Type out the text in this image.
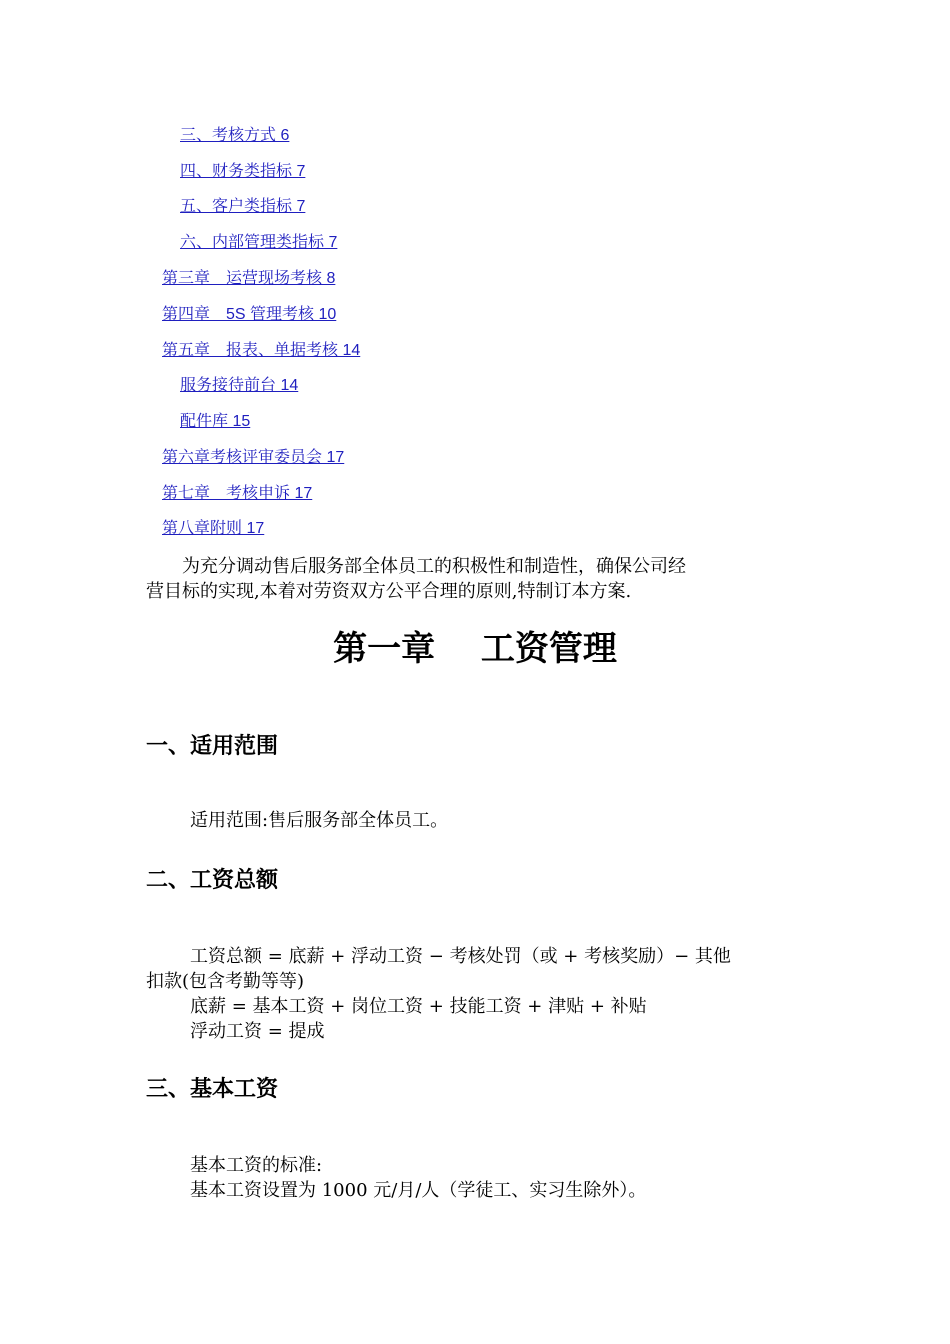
三、考核方式 6
四、财务类指标 7
五、客户类指标 7
六、内部管理类指标 7
第三章　运营现场考核 8
第四章　5S 管理考核 10
第五章　报表、单据考核 14
服务接待前台 14
配件库 15
第六章考核评审委员会 17
第七章　考核申诉 17
第八章附则 17
　　为充分调动售后服务部全体员工的积极性和制造性，确保公司经
营目标的实现,本着对劳资双方公平合理的原则,特制订本方案.
第一章　 工资管理
一、适用范围
适用范围:售后服务部全体员工。
二、工资总额
工资总额 = 底薪 + 浮动工资 − 考核处罚（或 + 考核奖励）− 其他
扣款(包含考勤等等)
底薪 = 基本工资 + 岗位工资 + 技能工资 + 津贴 + 补贴
浮动工资 = 提成
三、基本工资
基本工资的标准:
基本工资设置为 1000 元/月/人（学徒工、实习生除外）。
